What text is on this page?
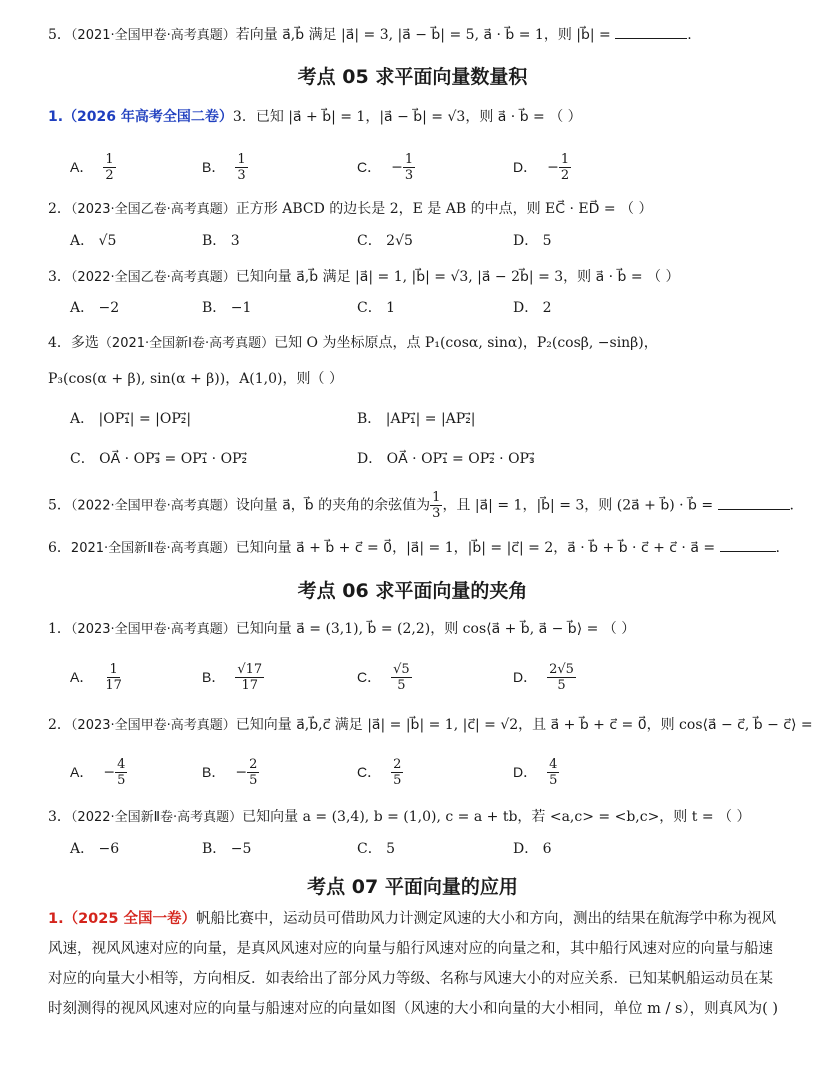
5．（2021·全国甲卷·高考真题）若向量 a⃗,b⃗ 满足 |a⃗| = 3, |a⃗ − b⃗| = 5, a⃗ · b⃗ = 1，则 |b⃗| =	.
考点 05 求平面向量数量积
1.（2026 年高考全国二卷）3．已知 |a⃗ + b⃗| = 1，|a⃗ − b⃗| = √3，则 a⃗ · b⃗ = （ ）
A． $\frac{1}{2}$	B． $\frac{1}{3}$	C． − $\frac{1}{3}$	D． − $\frac{1}{2}$
2．（2023·全国乙卷·高考真题）正方形 ABCD 的边长是 2，E 是 AB 的中点，则 EC⃗ · ED⃗ = （ ）
A． √5	B． 3	C． 2√5	D． 5
3．（2022·全国乙卷·高考真题）已知向量 a⃗,b⃗ 满足 |a⃗| = 1, |b⃗| = √3, |a⃗ − 2b⃗| = 3，则 a⃗ · b⃗ = （ ）
A． −2	B． −1	C． 1	D． 2
4．多选（2021·全国新Ⅰ卷·高考真题）已知 O 为坐标原点，点 P₁(cosα, sinα)，P₂(cosβ, −sinβ)，
P₃(cos(α + β), sin(α + β))，A(1,0)，则（ ）
A． |OP₁⃗| = |OP₂⃗|	B． |AP₁⃗| = |AP₂⃗|
C． OA⃗ · OP₃⃗ = OP₁⃗ · OP₂⃗	D． OA⃗ · OP₁⃗ = OP₂⃗ · OP₃⃗
5．（2022·全国甲卷·高考真题）设向量 a⃗，b⃗ 的夹角的余弦值为 $\frac{1}{3}$ ，且 |a⃗| = 1，|b⃗| = 3，则 (2a⃗ + b⃗) · b⃗ =	.
6．2021·全国新Ⅱ卷·高考真题）已知向量 a⃗ + b⃗ + c⃗ = 0⃗，|a⃗| = 1，|b⃗| = |c⃗| = 2，a⃗ · b⃗ + b⃗ · c⃗ + c⃗ · a⃗ =	.
考点 06 求平面向量的夹角
1．（2023·全国甲卷·高考真题）已知向量 a⃗ = (3,1), b⃗ = (2,2)，则 cos⟨a⃗ + b⃗, a⃗ − b⃗⟩ = （ ）
A． $\frac{1}{17}$	B． $\frac{√17}{17}$	C． $\frac{√5}{5}$	D． $\frac{2√5}{5}$
2．（2023·全国甲卷·高考真题）已知向量 a⃗,b⃗,c⃗ 满足 |a⃗| = |b⃗| = 1, |c⃗| = √2，且 a⃗ + b⃗ + c⃗ = 0⃗，则 cos⟨a⃗ − c⃗, b⃗ − c⃗⟩ =
A． − $\frac{4}{5}$	B． − $\frac{2}{5}$	C． $\frac{2}{5}$	D． $\frac{4}{5}$
3．（2022·全国新Ⅱ卷·高考真题）已知向量 a = (3,4), b = (1,0), c = a + tb，若 <a,c> = <b,c>，则 t = （ ）
A． −6	B． −5	C． 5	D． 6
考点 07 平面向量的应用
1.（2025 全国一卷）帆船比赛中，运动员可借助风力计测定风速的大小和方向，测出的结果在航海学中称为视风风速，视风风速对应的向量，是真风风速对应的向量与船行风速对应的向量之和，其中船行风速对应的向量与船速对应的向量大小相等，方向相反．如表给出了部分风力等级、名称与风速大小的对应关系．已知某帆船运动员在某时刻测得的视风风速对应的向量与船速对应的向量如图（风速的大小和向量的大小相同，单位 m / s），则真风为( )
